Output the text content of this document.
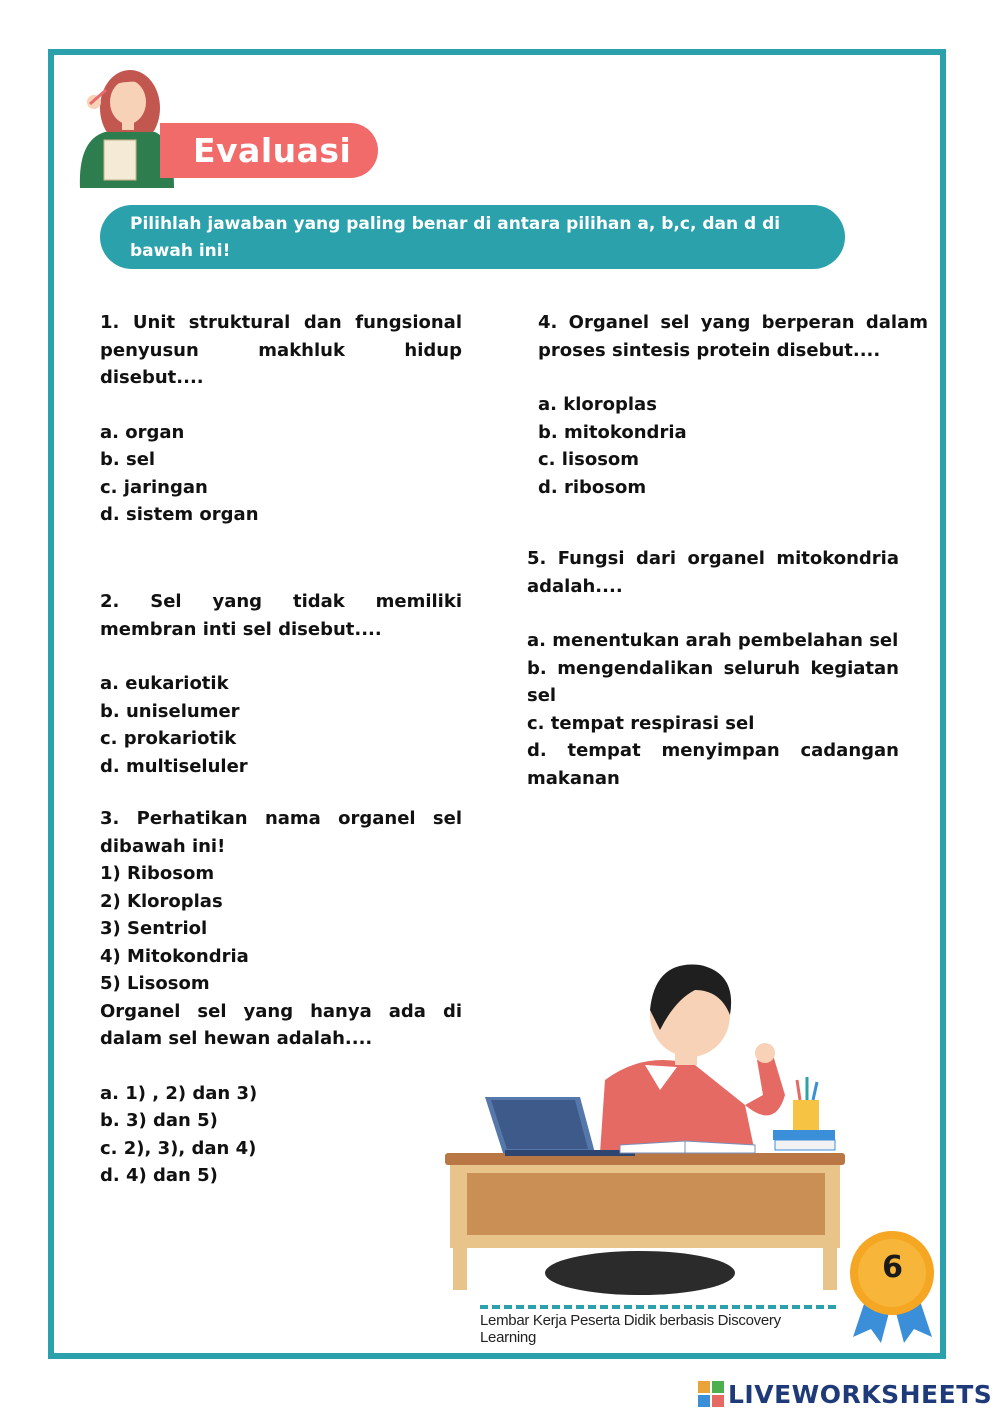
Evaluasi
Pilihlah jawaban yang paling benar di antara pilihan a, b,c, dan d di bawah ini!
1. Unit struktural dan fungsional penyusun makhluk hidup disebut....
a. organ
b. sel
c. jaringan
d. sistem organ
2. Sel yang tidak memiliki membran inti sel disebut....
a. eukariotik
b. uniselumer
c. prokariotik
d. multiseluler
3. Perhatikan nama organel sel dibawah ini!
1) Ribosom
2) Kloroplas
3) Sentriol
4) Mitokondria
5) Lisosom
Organel sel yang hanya ada di dalam sel hewan adalah....
a. 1) , 2) dan 3)
b. 3) dan 5)
c. 2), 3), dan 4)
d. 4) dan 5)
4. Organel sel yang berperan dalam proses sintesis protein disebut....
a. kloroplas
b. mitokondria
c. lisosom
d. ribosom
5. Fungsi dari organel mitokondria adalah....
a. menentukan arah pembelahan sel
b. mengendalikan seluruh kegiatan sel
c. tempat respirasi sel
d. tempat menyimpan cadangan makanan
Lembar Kerja Peserta Didik berbasis Discovery Learning
6
LIVEWORKSHEETS
